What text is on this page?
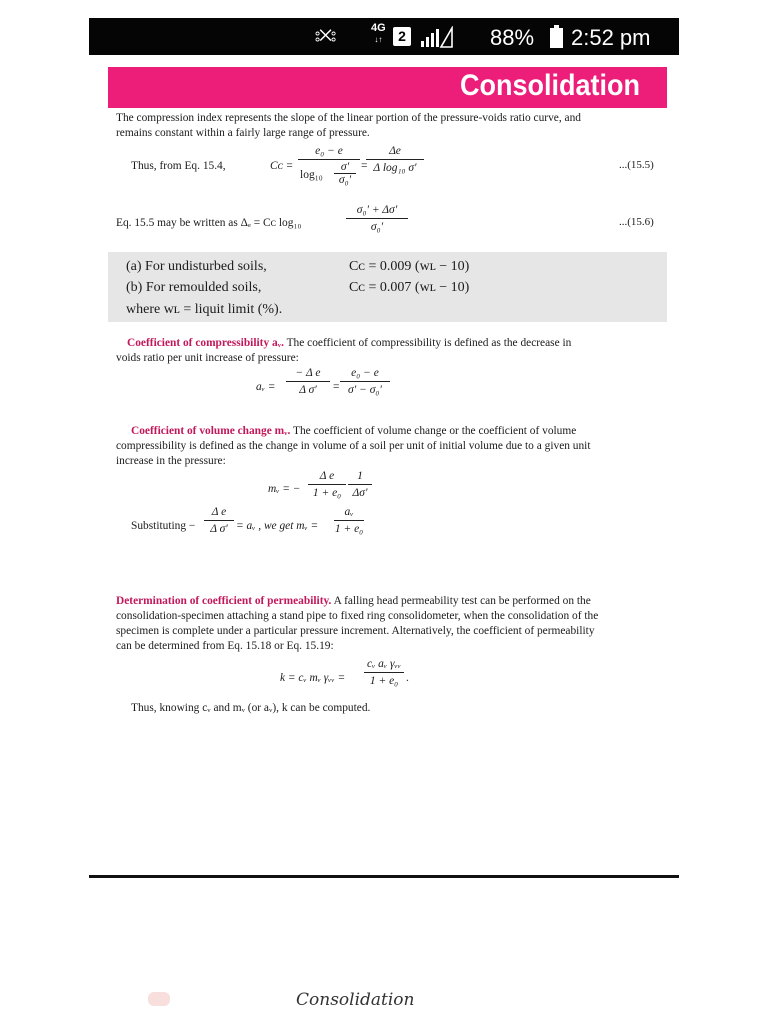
⦂✕⦂	4G
↓↑	2	88% 2:52 pm
Consolidation
The compression index represents the slope of the linear portion of the pressure-voids ratio curve, and
remains constant within a fairly large range of pressure.
Thus, from Eq. 15.4,	Cᴄ =
e₀ − e
log₁₀
σ′
σ₀′
=
Δe
Δ log₁₀ σ′	...(15.5)
Eq. 15.5 may be written as Δₑ = Cᴄ log₁₀
σ₀′ + Δσ′
σ₀′	...(15.6)
(a) For undisturbed soils,	Cᴄ = 0.009 (wʟ − 10)
(b) For remoulded soils,	Cᴄ = 0.007 (wʟ − 10)
where wʟ = liquit limit (%).
Coefficient of compressibility aᵥ. The coefficient of compressibility is defined as the decrease in
voids ratio per unit increase of pressure:
aᵥ =
− Δ e
Δ σ′	=
e₀ − e
σ′ − σ₀′
Coefficient of volume change mᵥ. The coefficient of volume change or the coefficient of volume
compressibility is defined as the change in volume of a soil per unit of initial volume due to a given unit
increase in the pressure:
mᵥ = −
Δ e
1 + e₀
1
Δσ′
Substituting −
Δ e
Δ σ′ = aᵥ , we get mᵥ =
aᵥ
1 + e₀
Determination of coefficient of permeability. A falling head permeability test can be performed on the
consolidation-specimen attaching a stand pipe to fixed ring consolidometer, when the consolidation of the
specimen is complete under a particular pressure increment. Alternatively, the coefficient of permeability
can be determined from Eq. 15.18 or Eq. 15.19:
k = cᵥ mᵥ γᵥᵥ =
cᵥ aᵥ γᵥᵥ
1 + e₀ .
Thus, knowing cᵥ and mᵥ (or aᵥ), k can be computed.
Consolidation
